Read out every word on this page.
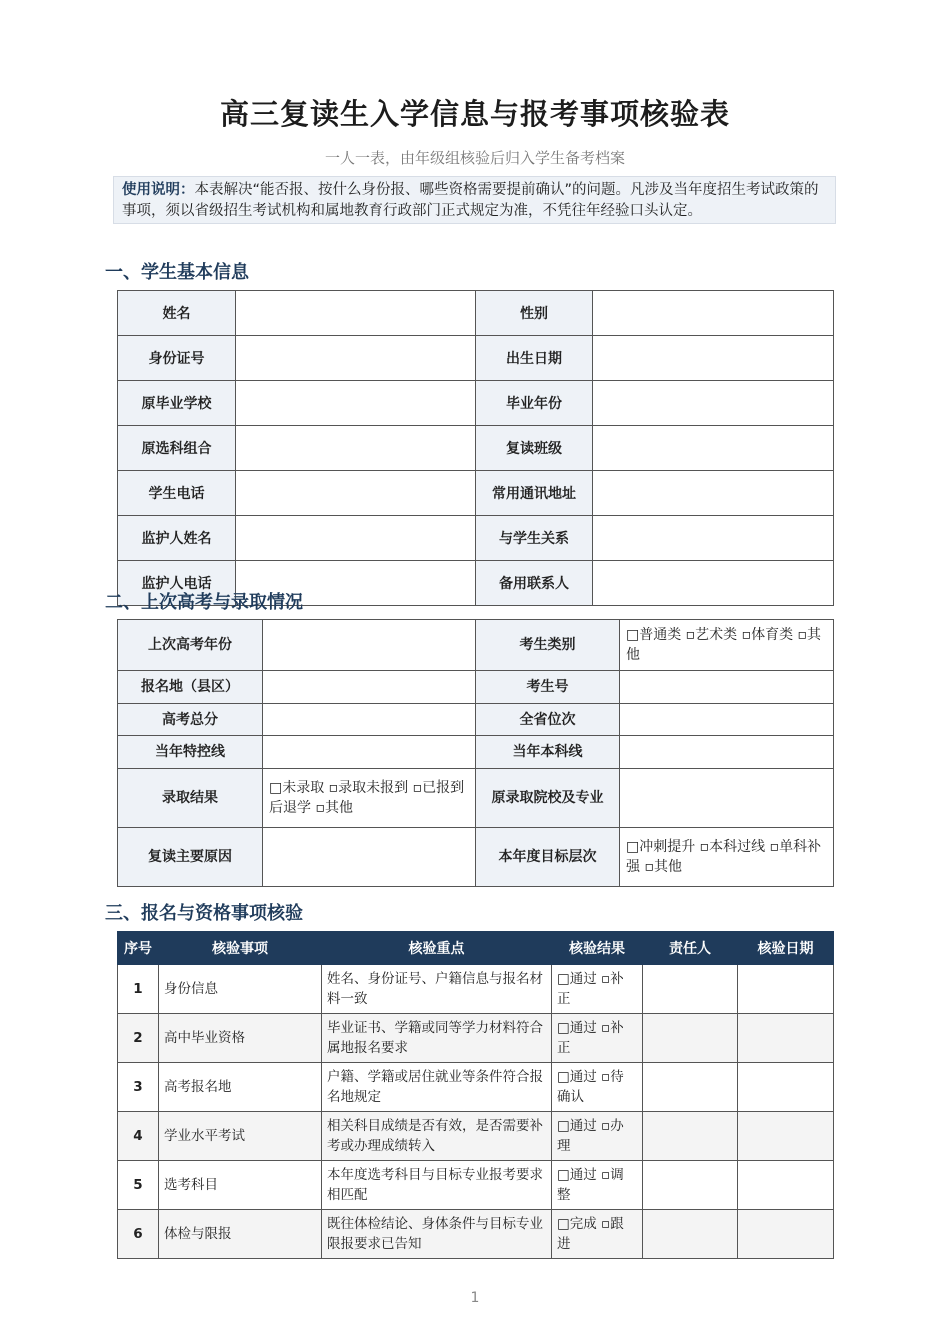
高三复读生入学信息与报考事项核验表
一人一表，由年级组核验后归入学生备考档案
使用说明：本表解决“能否报、按什么身份报、哪些资格需要提前确认”的问题。凡涉及当年度招生考试政策的事项，须以省级招生考试机构和属地教育行政部门正式规定为准，不凭往年经验口头认定。
一、学生基本信息
姓名		性别	
身份证号		出生日期	
原毕业学校		毕业年份	
原选科组合		复读班级	
学生电话		常用通讯地址	
监护人姓名		与学生关系	
监护人电话		备用联系人	
二、上次高考与录取情况
上次高考年份		考生类别	□普通类 ▫艺术类 ▫体育类 ▫其他
报名地（县区）		考生号	
高考总分		全省位次	
当年特控线		当年本科线	
录取结果	□未录取 ▫录取未报到 ▫已报到后退学 ▫其他	原录取院校及专业	
复读主要原因		本年度目标层次	□冲刺提升 ▫本科过线 ▫单科补强 ▫其他
三、报名与资格事项核验
序号	核验事项	核验重点	核验结果	责任人	核验日期
1	身份信息	姓名、身份证号、户籍信息与报名材料一致	□通过 ▫补正		
2	高中毕业资格	毕业证书、学籍或同等学力材料符合属地报名要求	□通过 ▫补正		
3	高考报名地	户籍、学籍或居住就业等条件符合报名地规定	□通过 ▫待确认		
4	学业水平考试	相关科目成绩是否有效，是否需要补考或办理成绩转入	□通过 ▫办理		
5	选考科目	本年度选考科目与目标专业报考要求相匹配	□通过 ▫调整		
6	体检与限报	既往体检结论、身体条件与目标专业限报要求已告知	□完成 ▫跟进		
1
